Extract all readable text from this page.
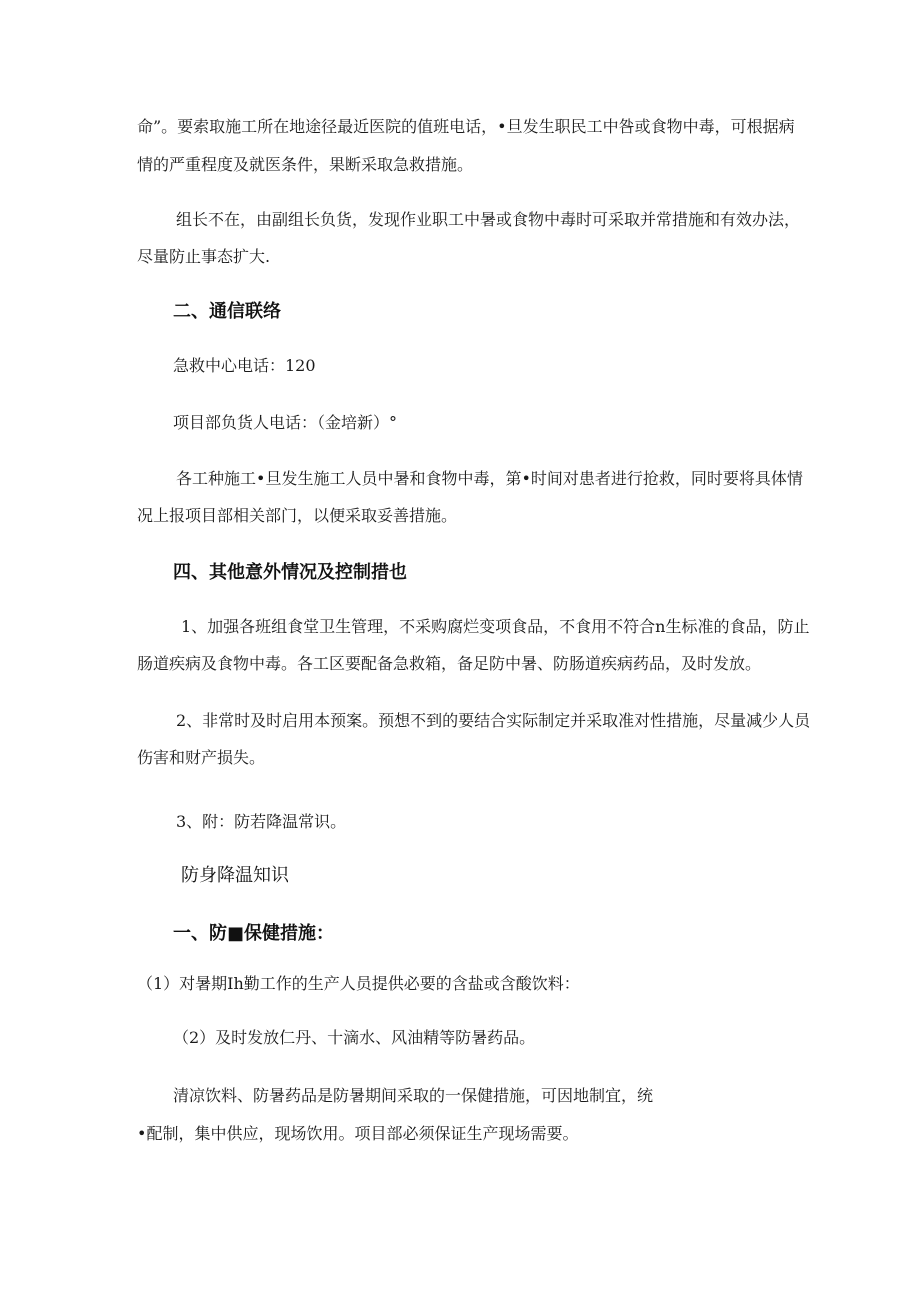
命”。要索取施工所在地途径最近医院的值班电话，•旦发生职民工中咎或食物中毒，可根据病
情的严重程度及就医条件，果断采取急救措施。
组长不在，由副组长负货，发现作业职工中暑或食物中毒时可采取并常措施和有效办法，
尽量防止事态扩大.
二、通信联络
急救中心电话：120
项目部负货人电话：（金培新）°
各工种施工•旦发生施工人员中暑和食物中毒，第•时间对患者进行抢救，同时要将具体情
况上报项目部相关部门，以便采取妥善措施。
四、其他意外情况及控制措也
1、加强各班组食堂卫生管理，不采购腐烂变项食品，不食用不符合n生标准的食品，防止
肠道疾病及食物中毒。各工区要配备急救箱，备足防中暑、防肠道疾病药品，及时发放。
2、非常时及时启用本预案。预想不到的要结合实际制定并采取准对性措施，尽量减少人员
伤害和财产损失。
3、附：防若降温常识。
防身降温知识
一、防■保健措施：
（1）对暑期Ih勤工作的生产人员提供必要的含盐或含酸饮料：
（2）及时发放仁丹、十滴水、风油精等防暑药品。
清凉饮料、防暑药品是防暑期间采取的一保健措施，可因地制宜，统
•配制，集中供应，现场饮用。项目部必须保证生产现场需要。
